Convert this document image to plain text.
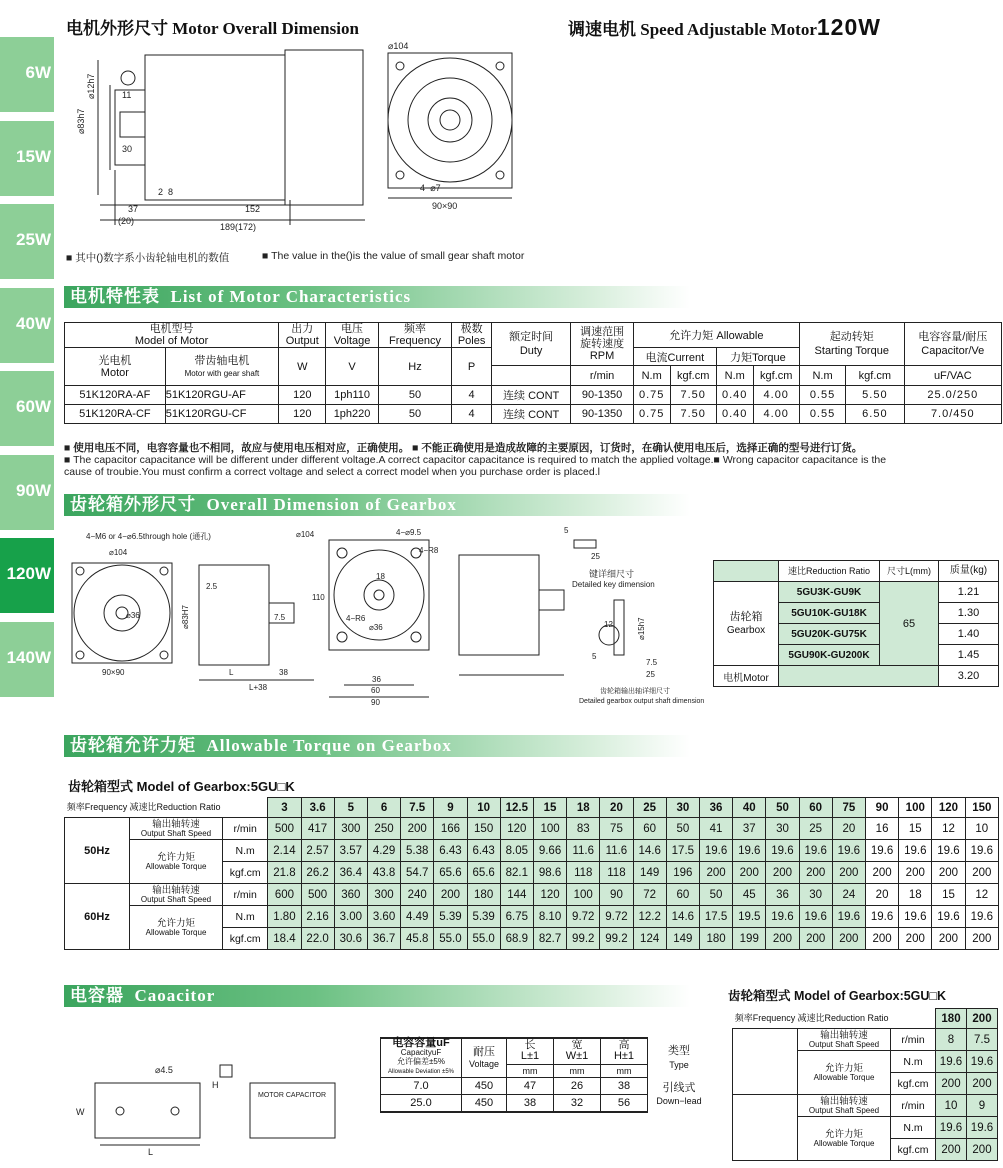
电机外形尺寸 Motor Overall Dimension	调速电机 Speed Adjustable Motor120W
6W
15W
25W
40W
60W
90W
120W
140W
⌀83h7
⌀12h7	11
30
2 8
37
(20)
152
189(172)
⌀104
4−⌀7
90×90
■ 其中()数字系小齿轮轴电机的数值	■ The value in the()is the value of small gear shaft motor
电机特性表 List of Motor Characteristics
电机型号
Model of Motor		出力
Output	电压
Voltage	频率
Frequency	极数
Poles	额定时间
Duty	调速范围
旋转速度
RPM	允许力矩 Allowable				起动转矩
Starting Torque		电容容量/耐压
Capacitor/Ve
光电机
Motor	带齿轴电机
Motor with gear shaft	W	V	Hz	P			电流Current		力矩Torque				
							r/min	N.m	kgf.cm	N.m	kgf.cm	N.m	kgf.cm	uF/VAC
51K120RA-AF	51K120RGU-AF	120	1ph110	50	4	连续 CONT	90-1350	0.75	7.50	0.40	4.00	0.55	5.50	25.0/250
51K120RA-CF	51K120RGU-CF	120	1ph220	50	4	连续 CONT	90-1350	0.75	7.50	0.40	4.00	0.55	6.50	7.0/450
■ 使用电压不同，电容容量也不相同，故应与使用电压相对应，正确使用。 ■ 不能正确使用是造成故障的主要原因，订货时，在确认使用电压后，选择正确的型号进行订货。
■ The capacitor capacitance will be different under different voltage.A correct capacitor capacitance is required to match the applied voltage.■ Wrong capacitor capacitance is the
cause of troubie.You must confirm a correct voltage and select a correct model when you purchase order is placed.l
齿轮箱外形尺寸 Overall Dimension of Gearbox
4−M6 or 4−⌀6.5through hole (通孔)
⌀104
⌀36
90×90
2.5
⌀83H7	7.5
L	38
L+38
⌀104	4−⌀9.5
4−R8
4−R6
18
110
⌀36
36
60
90
键详细尺寸
Detailed key dimension
5
25
12	⌀15h7
5
7.5
25
齿轮箱输出轴详细尺寸
Detailed gearbox output shaft dimension
	速比Reduction Ratio	尺寸L(mm)	质量(kg)
齿轮箱
Gearbox	5GU3K-GU9K	65	1.21
	5GU10K-GU18K		1.30
	5GU20K-GU75K		1.40
	5GU90K-GU200K		1.45
电机Motor			3.20
齿轮箱允许力矩 Allowable Torque on Gearbox
齿轮箱型式 Model of Gearbox:5GU□K
频率Frequency	减速比Reduction Ratio		3	3.6	5	6	7.5	9	10	12.5	15	18	20	25	30	36	40	50	60	75	90	100	120	150
50Hz	输出轴转速
Output Shaft Speed	r/min	500	417	300	250	200	166	150	120	100	83	75	60	50	41	37	30	25	20	16	15	12	10
	允许力矩
Allowable Torque	N.m	2.14	2.57	3.57	4.29	5.38	6.43	6.43	8.05	9.66	11.6	11.6	14.6	17.5	19.6	19.6	19.6	19.6	19.6	19.6	19.6	19.6	19.6
		kgf.cm	21.8	26.2	36.4	43.8	54.7	65.6	65.6	82.1	98.6	118	118	149	196	200	200	200	200	200	200	200	200	200
60Hz	输出轴转速
Output Shaft Speed	r/min	600	500	360	300	240	200	180	144	120	100	90	72	60	50	45	36	30	24	20	18	15	12
	允许力矩
Allowable Torque	N.m	1.80	2.16	3.00	3.60	4.49	5.39	5.39	6.75	8.10	9.72	9.72	12.2	14.6	17.5	19.5	19.6	19.6	19.6	19.6	19.6	19.6	19.6
		kgf.cm	18.4	22.0	30.6	36.7	45.8	55.0	55.0	68.9	82.7	99.2	99.2	124	149	180	199	200	200	200	200	200	200	200
电容器 Caoacitor
⌀4.5
H
W
L
MOTOR CAPACITOR
电容容量uF
CapacityuF
允许偏差±5%
Allowable Deviation ±5%	耐压
Voltage	长
L±1	宽
W±1	高
H±1	类型
Type
		mm	mm	mm	
7.0	450	47	26	38	引线式
Down−lead
25.0	450	38	32	56	
齿轮箱型式 Model of Gearbox:5GU□K
频率Frequency	减速比Reduction Ratio		180	200
	输出轴转速
Output Shaft Speed	r/min	8	7.5
	允许力矩
Allowable Torque	N.m	19.6	19.6
		kgf.cm	200	200
	输出轴转速
Output Shaft Speed	r/min	10	9
	允许力矩
Allowable Torque	N.m	19.6	19.6
		kgf.cm	200	200
